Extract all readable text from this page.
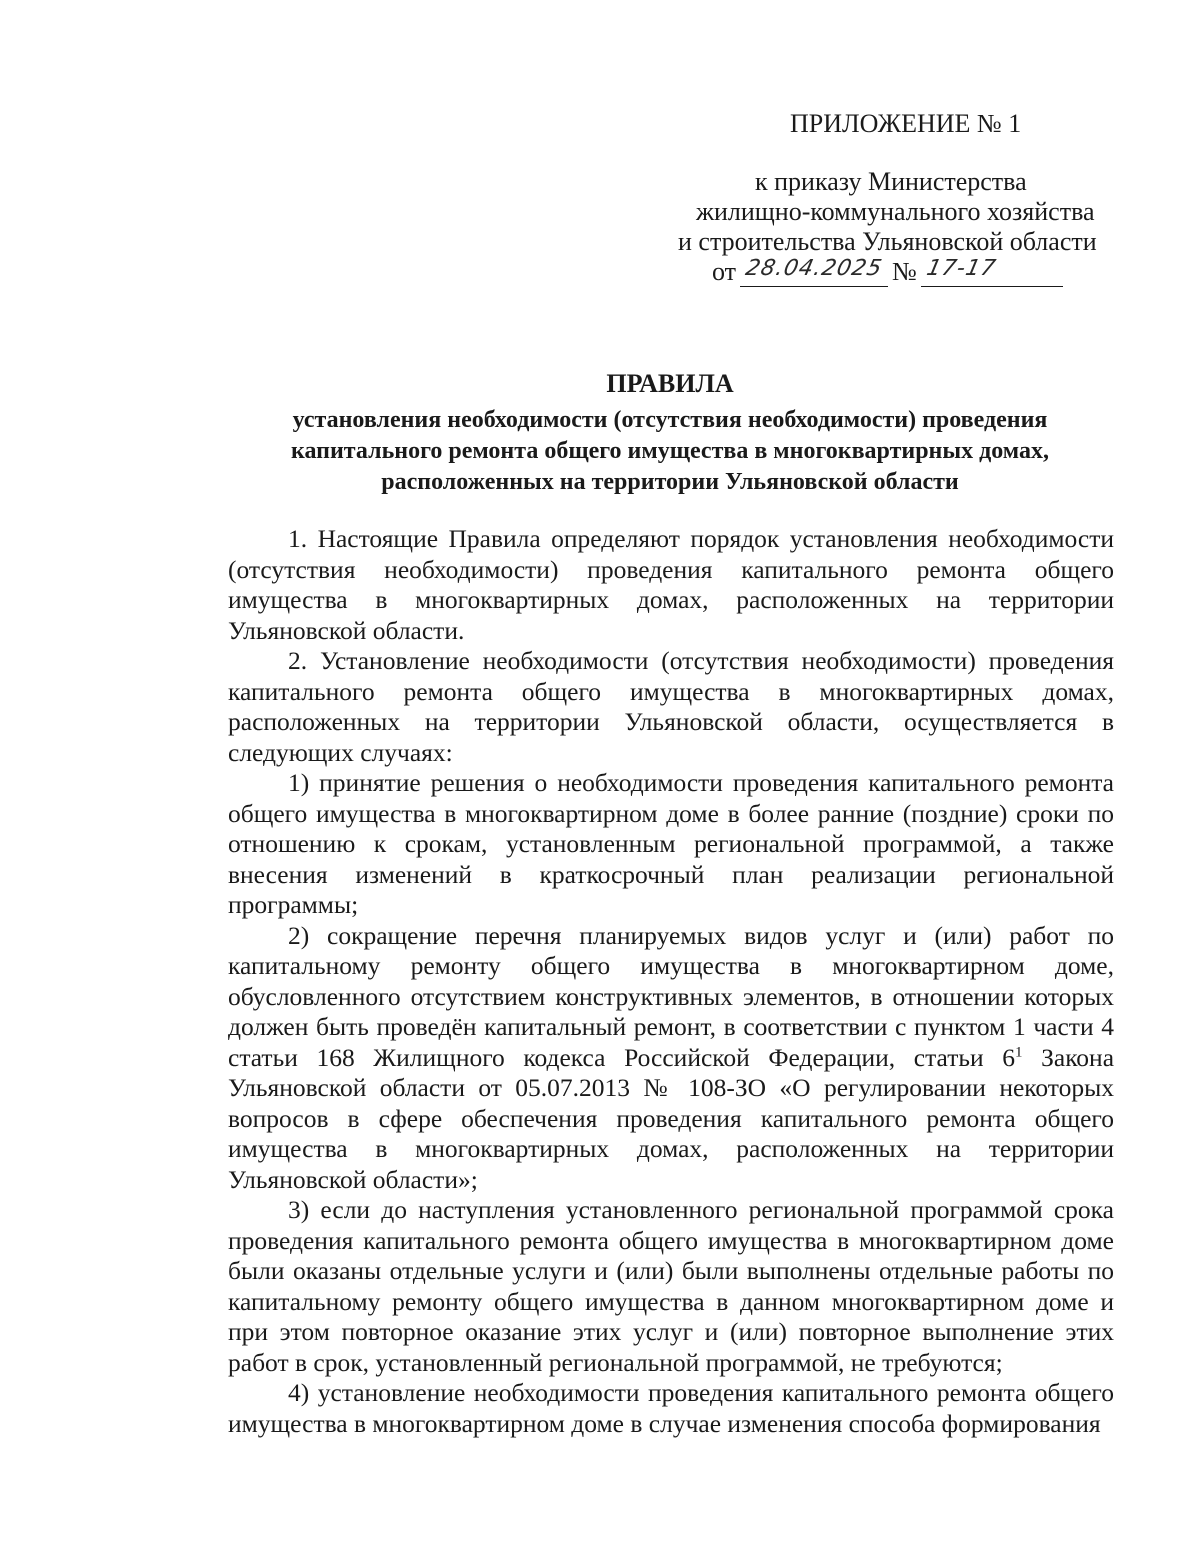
ПРИЛОЖЕНИЕ № 1
к приказу Министерства
жилищно-коммунального хозяйства
и строительства Ульяновской области
от 28.04.2025 № 17-17
ПРАВИЛА
установления необходимости (отсутствия необходимости) проведения капитального ремонта общего имущества в многоквартирных домах, расположенных на территории Ульяновской области

1. Настоящие Правила определяют порядок установления необходимости (отсутствия необходимости) проведения капитального ремонта общего имущества в многоквартирных домах, расположенных на территории Ульяновской области.

2. Установление необходимости (отсутствия необходимости) проведения капитального ремонта общего имущества в многоквартирных домах, расположенных на территории Ульяновской области, осуществляется в следующих случаях:

1) принятие решения о необходимости проведения капитального ремонта общего имущества в многоквартирном доме в более ранние (поздние) сроки по отношению к срокам, установленным региональной программой, а также внесения изменений в краткосрочный план реализации региональной программы;

2) сокращение перечня планируемых видов услуг и (или) работ по капитальному ремонту общего имущества в многоквартирном доме, обусловленного отсутствием конструктивных элементов, в отношении которых должен быть проведён капитальный ремонт, в соответствии с пунктом 1 части 4 статьи 168 Жилищного кодекса Российской Федерации, статьи $6^1$ Закона Ульяновской области от 05.07.2013 № 108-ЗО «О регулировании некоторых вопросов в сфере обеспечения проведения капитального ремонта общего имущества в многоквартирных домах, расположенных на территории Ульяновской области»;

3) если до наступления установленного региональной программой срока проведения капитального ремонта общего имущества в многоквартирном доме были оказаны отдельные услуги и (или) были выполнены отдельные работы по капитальному ремонту общего имущества в данном многоквартирном доме и при этом повторное оказание этих услуг и (или) повторное выполнение этих работ в срок, установленный региональной программой, не требуются;

4) установление необходимости проведения капитального ремонта общего имущества в многоквартирном доме в случае изменения способа формирования
